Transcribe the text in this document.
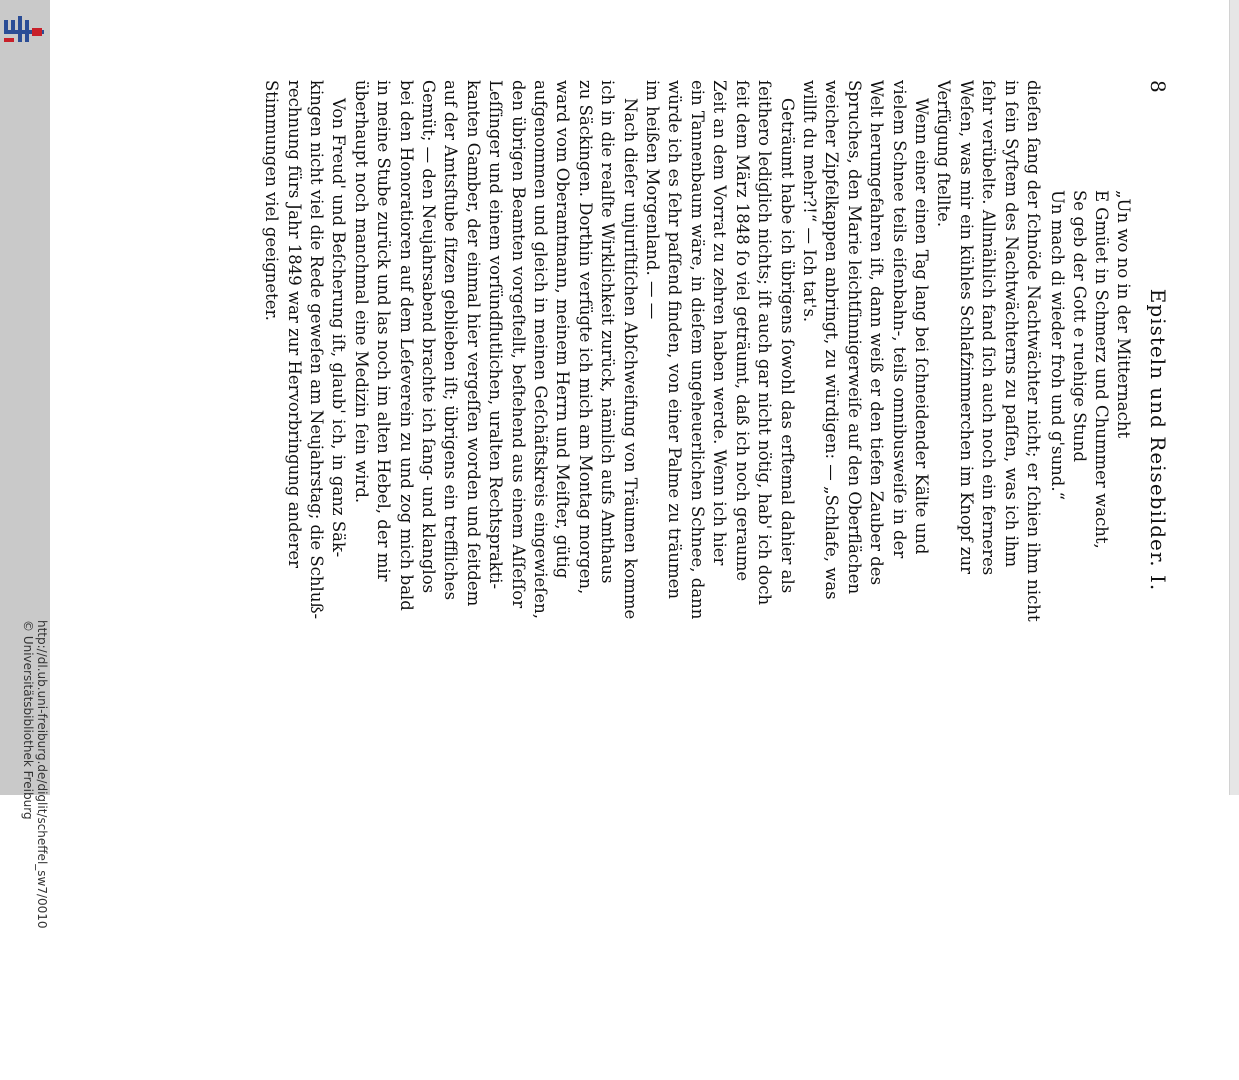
http://dl.ub.uni-freiburg.de/diglit/scheffel_sw7/0010
© Universitätsbibliothek Freiburg
8
Episteln und Reisebilder. I.
„Un wo no in der Mitternacht
E Gmüet in Schmerz und Chummer wacht,
Se geb der Gott e ruehige Stund
Un mach di wieder froh und g'sund.“
dieſen ſang der ſchnöde Nachtwächter nicht; er ſchien ihm nicht
in ſein Syſtem des Nachtwächterns zu paſſen, was ich ihm
ſehr verübelte. Allmählich fand ſich auch noch ein ferneres
Weſen, was mir ein kühles Schlafzimmerchen im Knopf zur
Verfügung ſtellte.
Wenn einer einen Tag lang bei ſchneidender Kälte und
vielem Schnee teils eiſenbahn-, teils omnibusweiſe in der
Welt herumgefahren iſt, dann weiß er den tiefen Zauber des
Spruches, den Marie leichtſinnigerweiſe auf den Oberflächen
weicher Zipfelkappen anbringt, zu würdigen: — „Schlafe, was
willſt du mehr?!“ — Ich tat's.
Geträumt habe ich übrigens ſowohl das erſtemal dahier als
ſeithero lediglich nichts; iſt auch gar nicht nötig, hab' ich doch
ſeit dem März 1848 ſo viel geträumt, daß ich noch geraume
Zeit an dem Vorrat zu zehren haben werde. Wenn ich hier
ein Tannenbaum wäre, in dieſem ungeheuerlichen Schnee, dann
würde ich es ſehr paſſend finden, von einer Palme zu träumen
im heißen Morgenland. — —
Nach dieſer unjuriſtiſchen Abſchweifung von Träumen komme
ich in die realſte Wirklichkeit zurück, nämlich aufs Amthaus
zu Säckingen. Dorthin verfügte ich mich am Montag morgen,
ward vom Oberamtmann, meinem Herrn und Meiſter, gütig
aufgenommen und gleich in meinen Geſchäftskreis eingewieſen,
den übrigen Beamten vorgeſtellt, beſtehend aus einem Aſſeſſor
Leſſinger und einem vorſündflutlichen, uralten Rechtsprakti-
kanten Gamber, der einmal hier vergeſſen worden und ſeitdem
auf der Amtsſtube ſitzen geblieben iſt; übrigens ein treffliches
Gemüt; — den Neujahrsabend brachte ich ſang- und klanglos
bei den Honoratioren auf dem Leſeverein zu und zog mich bald
in meine Stube zurück und las noch im alten Hebel, der mir
überhaupt noch manchmal eine Medizin ſein wird.
Von Freud' und Beſcherung iſt, glaub' ich, in ganz Säk-
kingen nicht viel die Rede geweſen am Neujahrstag; die Schluß-
rechnung fürs Jahr 1849 war zur Hervorbringung anderer
Stimmungen viel geeigneter.
